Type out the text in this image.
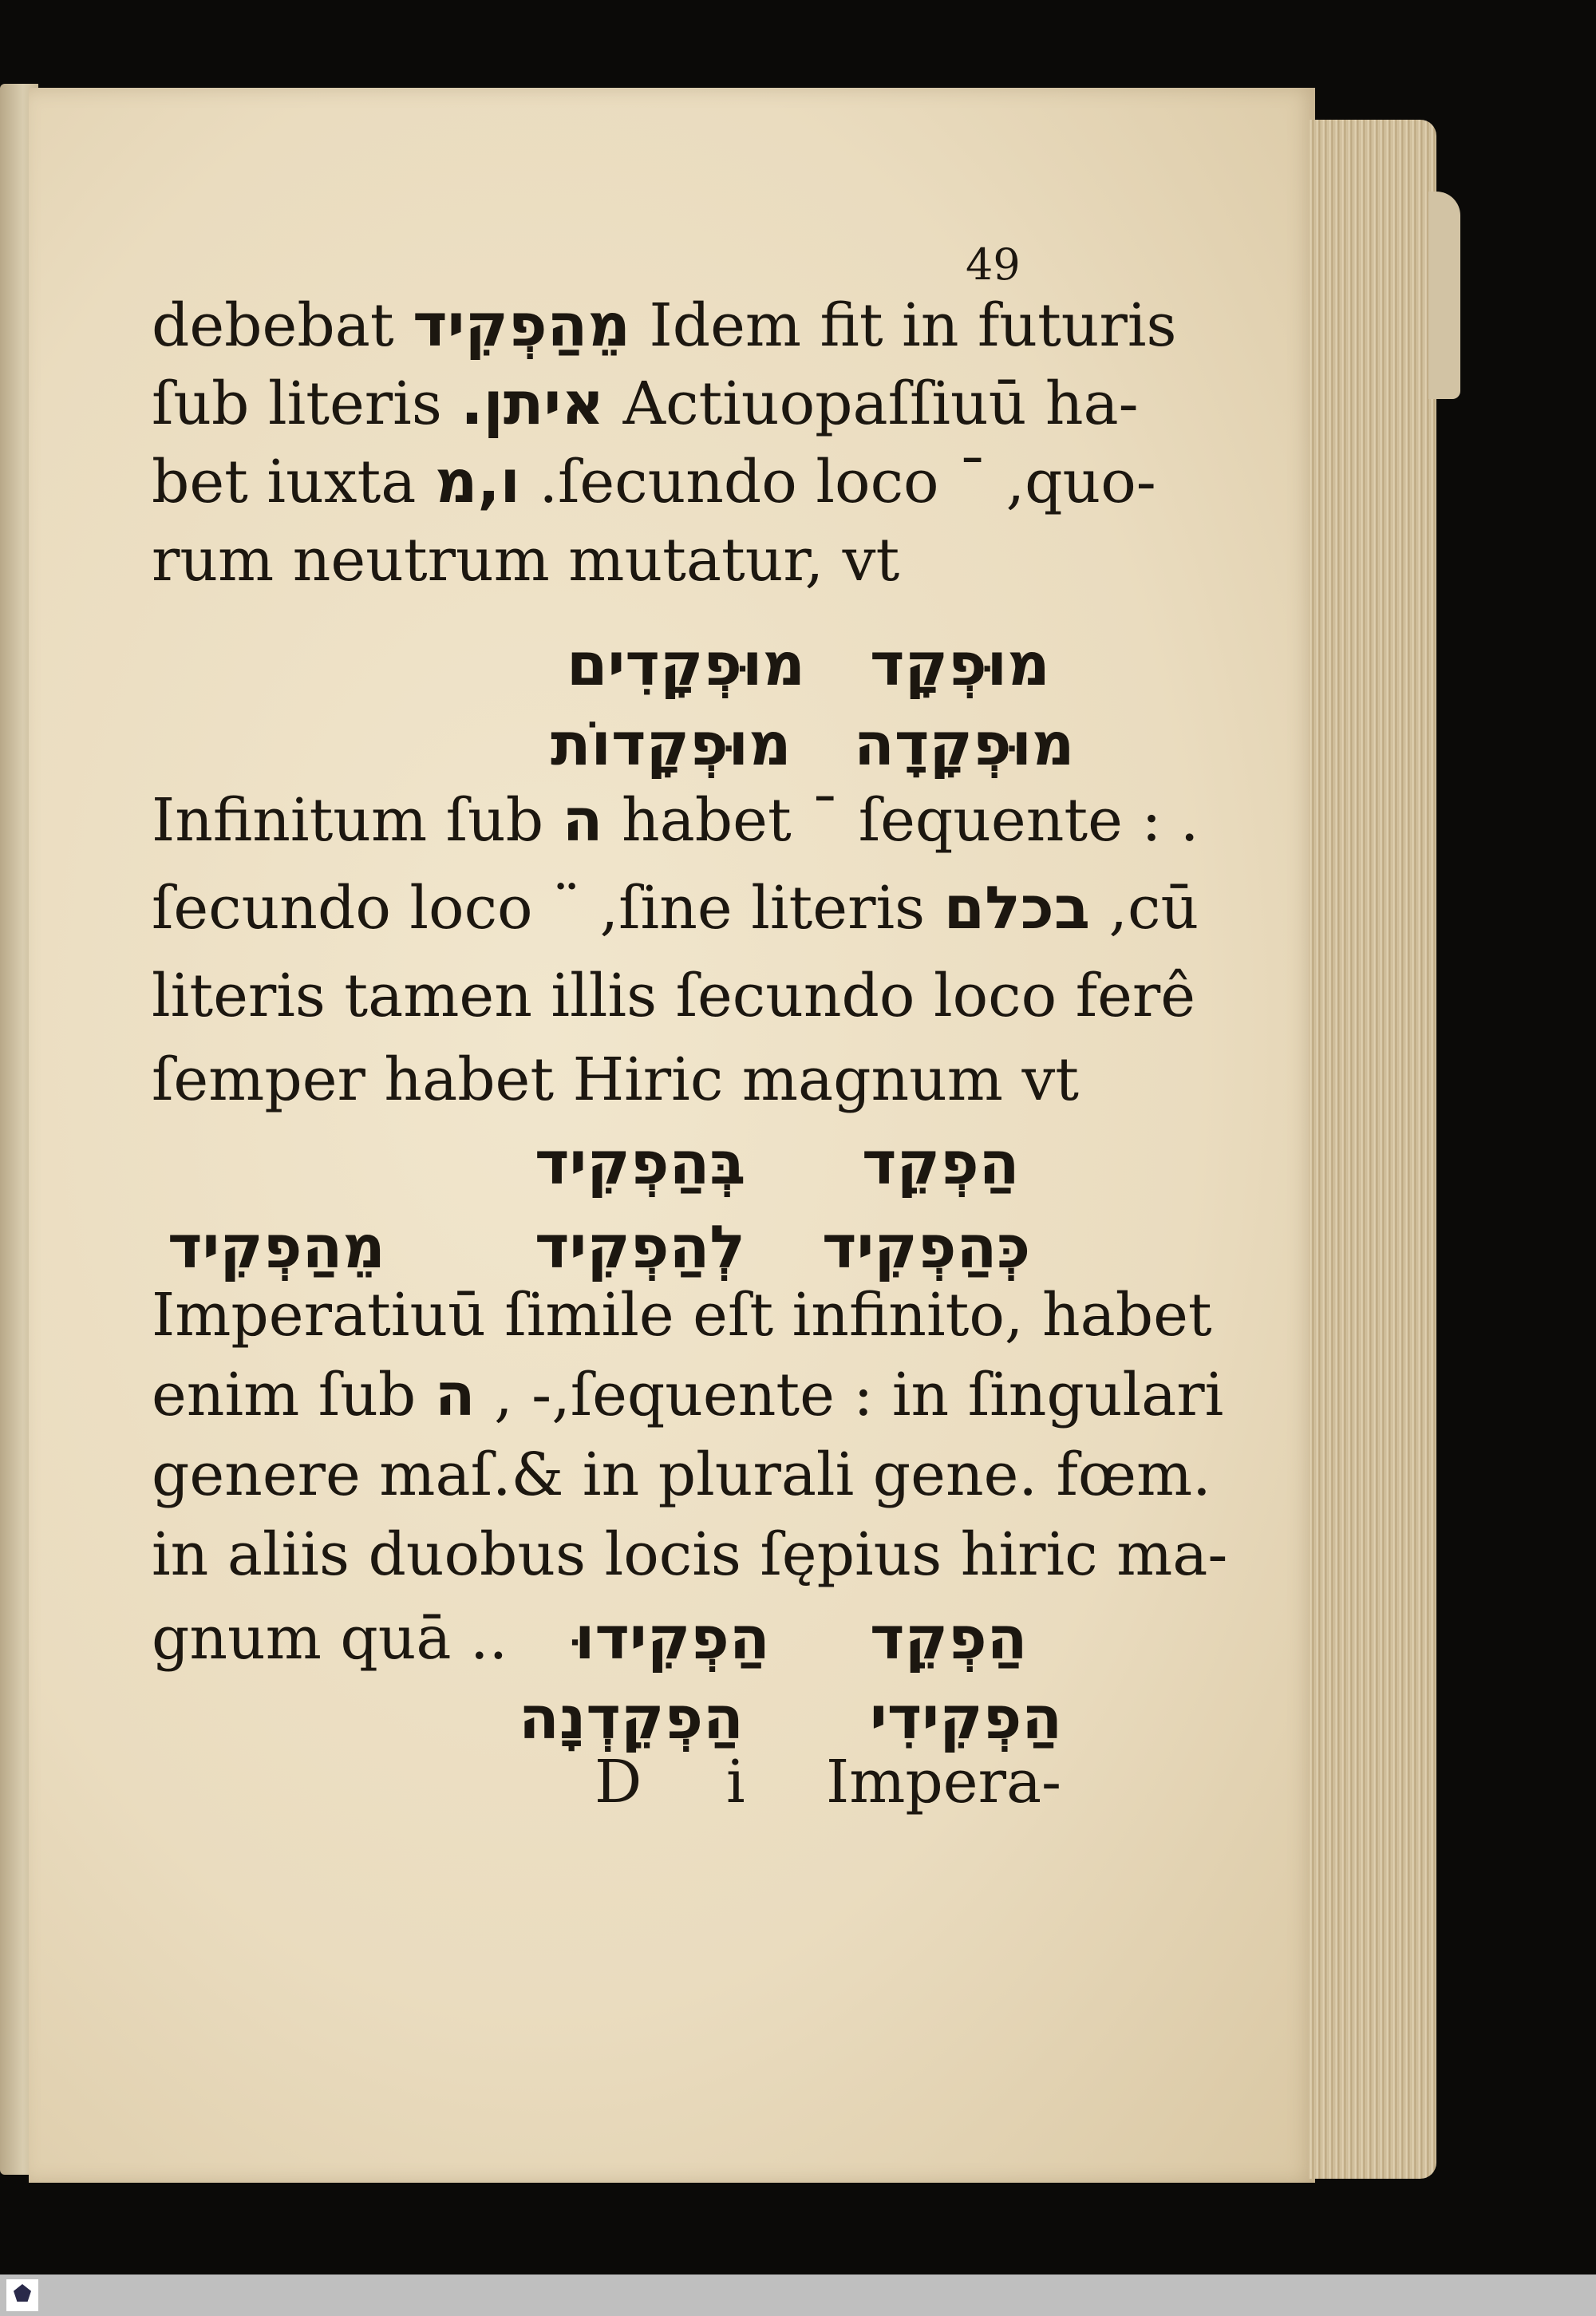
49
debebat מֵהַפְקִיד Idem fit in futuris
ſub literis איתן. Actiuopaſſiuū ha-
bet iuxta ו,מ .ſecundo loco ˉ ,quo-
rum neutrum mutatur, vt
מוּפְקָד
מוּפְקָדִים
מוּפְקָדָה
מוּפְקָדוֹת
Infinitum ſub ה habet ˉ ſequente : .
ſecundo loco ¨ ,ſine literis בכלם ,cū
literis tamen illis ſecundo loco ferê
ſemper habet Hiric magnum vt
הַפְקֵד
בְּהַפְקִיד
כְּהַפְקִיד
לְהַפְקִיד
מֵהַפְקִיד
Imperatiuū ſimile eſt infinito, habet
enim ſub ה , -,ſequente : in ſingulari
genere maſ.& in plurali gene. fœm.
in aliis duobus locis ſępius hiric ma-
gnum quā .. הַפְקִידוּ הַפְקֵד
הַפְקֵדְנָה הַפְקִידִי
D i Impera-
